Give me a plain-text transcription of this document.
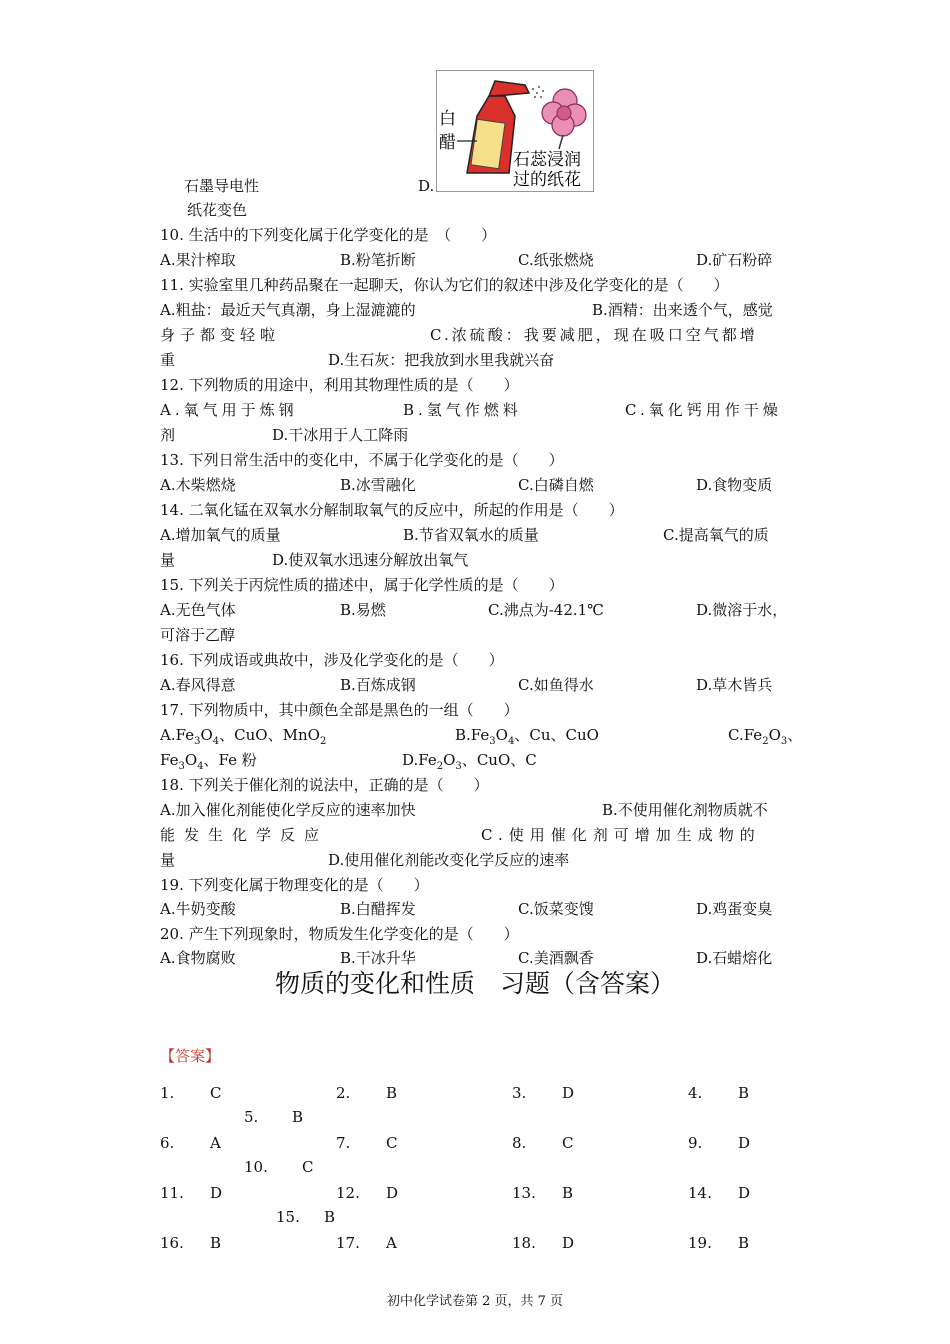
白醋
石蕊浸润
过的纸花
石墨导电性	D.
纸花变色
10. 生活中的下列变化属于化学变化的是　（　　）
A.果汁榨取	B.粉笔折断	C.纸张燃烧	D.矿石粉碎
11. 实验室里几种药品聚在一起聊天，你认为它们的叙述中涉及化学变化的是（　　）
A.粗盐：最近天气真潮，身上湿漉漉的	B.酒精：出来透个气，感觉
身子都变轻啦	C.浓硫酸：我要减肥，现在吸口空气都增
重	D.生石灰：把我放到水里我就兴奋
12. 下列物质的用途中，利用其物理性质的是（　　）
A.氧气用于炼钢	B.氢气作燃料	C.氧化钙用作干燥
剂	D.干冰用于人工降雨
13. 下列日常生活中的变化中，不属于化学变化的是（　　）
A.木柴燃烧	B.冰雪融化	C.白磷自燃	D.食物变质
14. 二氧化锰在双氧水分解制取氧气的反应中，所起的作用是（　　）
A.增加氧气的质量	B.节省双氧水的质量	C.提高氧气的质
量	D.使双氧水迅速分解放出氧气
15. 下列关于丙烷性质的描述中，属于化学性质的是（　　）
A.无色气体	B.易燃	C.沸点为-42.1℃	D.微溶于水，
可溶于乙醇
16. 下列成语或典故中，涉及化学变化的是（　　）
A.春风得意	B.百炼成钢	C.如鱼得水	D.草木皆兵
17. 下列物质中，其中颜色全部是黑色的一组（　　）
$A.Fe_3O_4$、CuO、MnO$_2$	$B.Fe_3O_4$、Cu、CuO	$C.Fe_2O_3$、
$Fe_3O_4$、Fe 粉	$D.Fe_2O_3$、CuO、C
18. 下列关于催化剂的说法中，正确的是（　　）
A.加入催化剂能使化学反应的速率加快	B.不使用催化剂物质就不
能发生化学反应	C.使用催化剂可增加生成物的
量	D.使用催化剂能改变化学反应的速率
19. 下列变化属于物理变化的是（　　）
A.牛奶变酸	B.白醋挥发	C.饭菜变馊	D.鸡蛋变臭
20. 产生下列现象时，物质发生化学变化的是（　　）
A.食物腐败	B.干冰升华	C.美酒飘香	D.石蜡熔化
物质的变化和性质　习题（含答案）
【答案】
1. C	2. B	3. D	4. B
5. B
6. A	7. C	8. C	9. D
10. C
11. D	12. D	13. B	14. D
15. B
16. B	17. A	18. D	19. B
初中化学试卷第 2 页，共 7 页
